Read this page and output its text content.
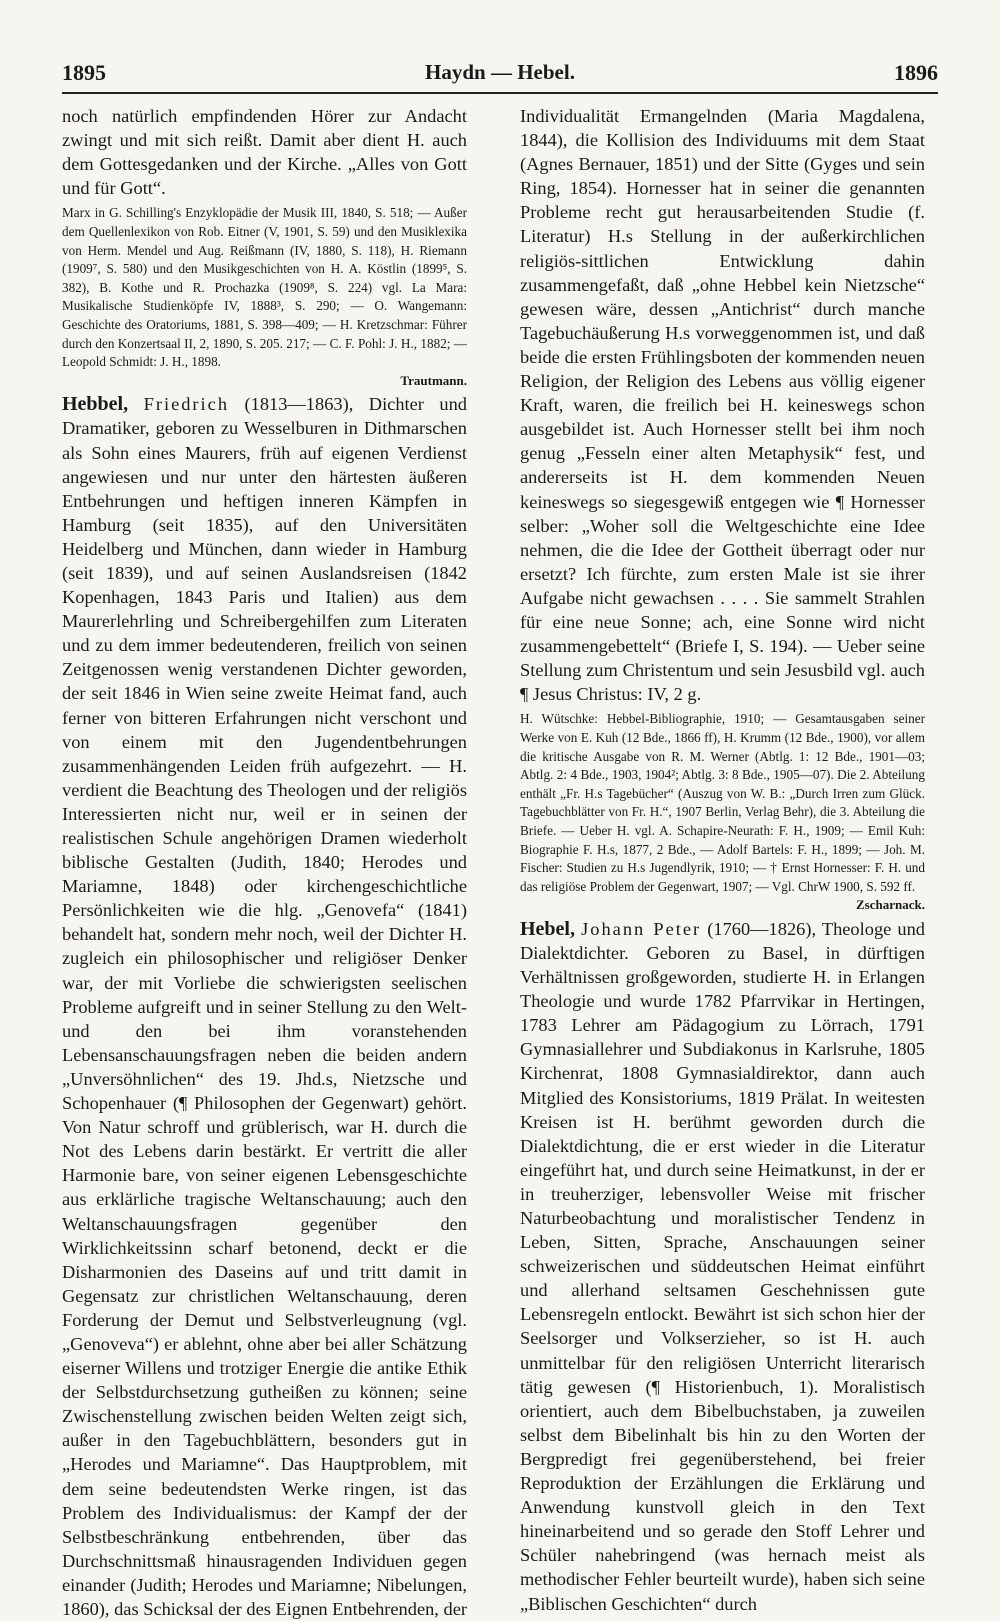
1895	Haydn — Hebel.	1896

noch natürlich empfindenden Hörer zur Andacht zwingt und mit sich reißt. Damit aber dient H. auch dem Gottesgedanken und der Kirche. „Alles von Gott und für Gott“.

Marx in G. Schilling's Enzyklopädie der Musik III, 1840, S. 518; — Außer dem Quellenlexikon von Rob. Eitner (V, 1901, S. 59) und den Musiklexika von Herm. Mendel und Aug. Reißmann (IV, 1880, S. 118), H. Riemann (1909⁷, S. 580) und den Musikgeschichten von H. A. Köstlin (1899⁵, S. 382), B. Kothe und R. Prochazka (1909⁸, S. 224) vgl. La Mara: Musikalische Studienköpfe IV, 1888³, S. 290; — O. Wangemann: Geschichte des Oratoriums, 1881, S. 398—409; — H. Kretzschmar: Führer durch den Konzertsaal II, 2, 1890, S. 205. 217; — C. F. Pohl: J. H., 1882; — Leopold Schmidt: J. H., 1898.
Trautmann.

Hebbel, Friedrich (1813—1863), Dichter und Dramatiker, geboren zu Wesselburen in Dithmarschen als Sohn eines Maurers, früh auf eigenen Verdienst angewiesen und nur unter den härtesten äußeren Entbehrungen und heftigen inneren Kämpfen in Hamburg (seit 1835), auf den Universitäten Heidelberg und München, dann wieder in Hamburg (seit 1839), und auf seinen Auslandsreisen (1842 Kopenhagen, 1843 Paris und Italien) aus dem Maurerlehrling und Schreibergehilfen zum Literaten und zu dem immer bedeutenderen, freilich von seinen Zeitgenossen wenig verstandenen Dichter geworden, der seit 1846 in Wien seine zweite Heimat fand, auch ferner von bitteren Erfahrungen nicht verschont und von einem mit den Jugendentbehrungen zusammenhängenden Leiden früh aufgezehrt. — H. verdient die Beachtung des Theologen und der religiös Interessierten nicht nur, weil er in seinen der realistischen Schule angehörigen Dramen wiederholt biblische Gestalten (Judith, 1840; Herodes und Mariamne, 1848) oder kirchengeschichtliche Persönlichkeiten wie die hlg. „Genovefa“ (1841) behandelt hat, sondern mehr noch, weil der Dichter H. zugleich ein philosophischer und religiöser Denker war, der mit Vorliebe die schwierigsten seelischen Probleme aufgreift und in seiner Stellung zu den Welt- und den bei ihm voranstehenden Lebensanschauungsfragen neben die beiden andern „Unversöhnlichen“ des 19. Jhd.s, Nietzsche und Schopenhauer (¶ Philosophen der Gegenwart) gehört. Von Natur schroff und grüblerisch, war H. durch die Not des Lebens darin bestärkt. Er vertritt die aller Harmonie bare, von seiner eigenen Lebensgeschichte aus erklärliche tragische Weltanschauung; auch den Weltanschauungsfragen gegenüber den Wirklichkeitssinn scharf betonend, deckt er die Disharmonien des Daseins auf und tritt damit in Gegensatz zur christlichen Weltanschauung, deren Forderung der Demut und Selbstverleugnung (vgl. „Genoveva“) er ablehnt, ohne aber bei aller Schätzung eiserner Willens und trotziger Energie die antike Ethik der Selbstdurchsetzung gutheißen zu können; seine Zwischenstellung zwischen beiden Welten zeigt sich, außer in den Tagebuchblättern, besonders gut in „Herodes und Mariamne“. Das Hauptproblem, mit dem seine bedeutendsten Werke ringen, ist das Problem des Individualismus: der Kampf der der Selbstbeschränkung entbehrenden, über das Durchschnittsmaß hinausragenden Individuen gegen einander (Judith; Herodes und Mariamne; Nibelungen, 1860), das Schicksal der des Eignen Entbehrenden, der

Individualität Ermangelnden (Maria Magdalena, 1844), die Kollision des Individuums mit dem Staat (Agnes Bernauer, 1851) und der Sitte (Gyges und sein Ring, 1854). Hornesser hat in seiner die genannten Probleme recht gut herausarbeitenden Studie (f. Literatur) H.s Stellung in der außerkirchlichen religiös-sittlichen Entwicklung dahin zusammengefaßt, daß „ohne Hebbel kein Nietzsche“ gewesen wäre, dessen „Antichrist“ durch manche Tagebuchäußerung H.s vorweggenommen ist, und daß beide die ersten Frühlingsboten der kommenden neuen Religion, der Religion des Lebens aus völlig eigener Kraft, waren, die freilich bei H. keineswegs schon ausgebildet ist. Auch Hornesser stellt bei ihm noch genug „Fesseln einer alten Metaphysik“ fest, und andererseits ist H. dem kommenden Neuen keineswegs so siegesgewiß entgegen wie ¶ Hornesser selber: „Woher soll die Weltgeschichte eine Idee nehmen, die die Idee der Gottheit überragt oder nur ersetzt? Ich fürchte, zum ersten Male ist sie ihrer Aufgabe nicht gewachsen . . . . Sie sammelt Strahlen für eine neue Sonne; ach, eine Sonne wird nicht zusammengebettelt“ (Briefe I, S. 194). — Ueber seine Stellung zum Christentum und sein Jesusbild vgl. auch ¶ Jesus Christus: IV, 2 g.

H. Wütschke: Hebbel-Bibliographie, 1910; — Gesamtausgaben seiner Werke von E. Kuh (12 Bde., 1866 ff), H. Krumm (12 Bde., 1900), vor allem die kritische Ausgabe von R. M. Werner (Abtlg. 1: 12 Bde., 1901—03; Abtlg. 2: 4 Bde., 1903, 1904²; Abtlg. 3: 8 Bde., 1905—07). Die 2. Abteilung enthält „Fr. H.s Tagebücher“ (Auszug von W. B.: „Durch Irren zum Glück. Tagebuchblätter von Fr. H.“, 1907 Berlin, Verlag Behr), die 3. Abteilung die Briefe. — Ueber H. vgl. A. Schapire-Neurath: F. H., 1909; — Emil Kuh: Biographie F. H.s, 1877, 2 Bde., — Adolf Bartels: F. H., 1899; — Joh. M. Fischer: Studien zu H.s Jugendlyrik, 1910; — † Ernst Hornesser: F. H. und das religiöse Problem der Gegenwart, 1907; — Vgl. ChrW 1900, S. 592 ff.
Zscharnack.

Hebel, Johann Peter (1760—1826), Theologe und Dialektdichter. Geboren zu Basel, in dürftigen Verhältnissen großgeworden, studierte H. in Erlangen Theologie und wurde 1782 Pfarrvikar in Hertingen, 1783 Lehrer am Pädagogium zu Lörrach, 1791 Gymnasiallehrer und Subdiakonus in Karlsruhe, 1805 Kirchenrat, 1808 Gymnasialdirektor, dann auch Mitglied des Konsistoriums, 1819 Prälat. In weitesten Kreisen ist H. berühmt geworden durch die Dialektdichtung, die er erst wieder in die Literatur eingeführt hat, und durch seine Heimatkunst, in der er in treuherziger, lebensvoller Weise mit frischer Naturbeobachtung und moralistischer Tendenz in Leben, Sitten, Sprache, Anschauungen seiner schweizerischen und süddeutschen Heimat einführt und allerhand seltsamen Geschehnissen gute Lebensregeln entlockt. Bewährt ist sich schon hier der Seelsorger und Volkserzieher, so ist H. auch unmittelbar für den religiösen Unterricht literarisch tätig gewesen (¶ Historienbuch, 1). Moralistisch orientiert, auch dem Bibelbuchstaben, ja zuweilen selbst dem Bibelinhalt bis hin zu den Worten der Bergpredigt frei gegenüberstehend, bei freier Reproduktion der Erzählungen die Erklärung und Anwendung kunstvoll gleich in den Text hineinarbeitend und so gerade den Stoff Lehrer und Schüler nahebringend (was hernach meist als methodischer Fehler beurteilt wurde), haben sich seine „Biblischen Geschichten“ durch
